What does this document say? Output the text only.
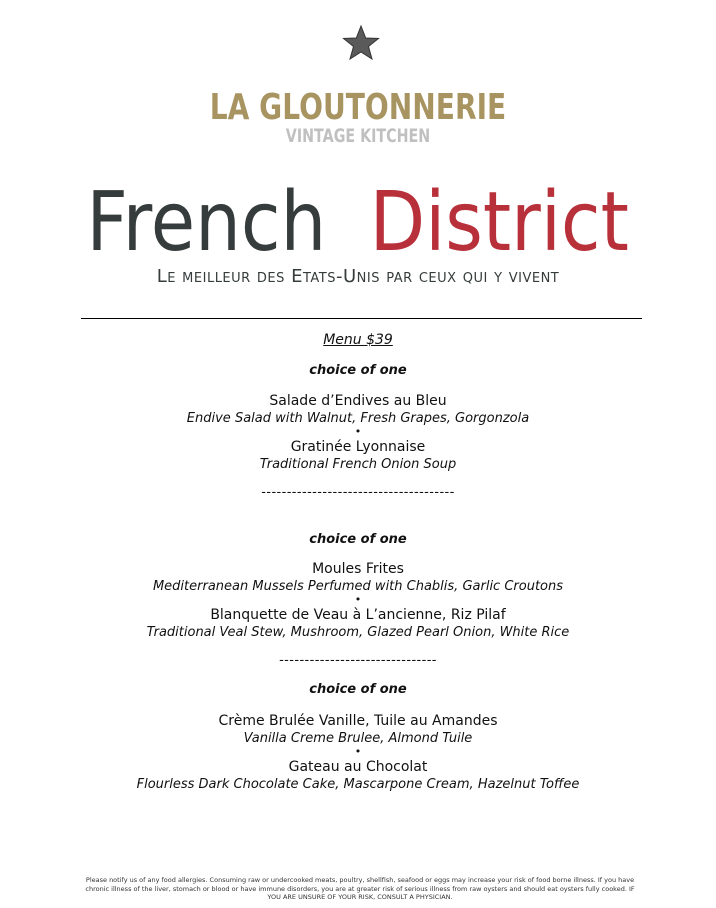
LA GLOUTONNERIE
VINTAGE KITCHEN
French District
Le meilleur des Etats-Unis par ceux qui y vivent
Menu $39
choice of one
Salade d’Endives au Bleu
Endive Salad with Walnut, Fresh Grapes, Gorgonzola
•
Gratinée Lyonnaise
Traditional French Onion Soup
--------------------------------------
choice of one
Moules Frites
Mediterranean Mussels Perfumed with Chablis, Garlic Croutons
•
Blanquette de Veau à L’ancienne, Riz Pilaf
Traditional Veal Stew, Mushroom, Glazed Pearl Onion, White Rice
-------------------------------
choice of one
Crème Brulée Vanille, Tuile au Amandes
Vanilla Creme Brulee, Almond Tuile
•
Gateau au Chocolat
Flourless Dark Chocolate Cake, Mascarpone Cream, Hazelnut Toffee
Please notify us of any food allergies. Consuming raw or undercooked meats, poultry, shellfish, seafood or eggs may increase your risk of food borne illness. If you have chronic illness of the liver, stomach or blood or have immune disorders, you are at greater risk of serious illness from raw oysters and should eat oysters fully cooked. IF YOU ARE UNSURE OF YOUR RISK, CONSULT A PHYSICIAN.
